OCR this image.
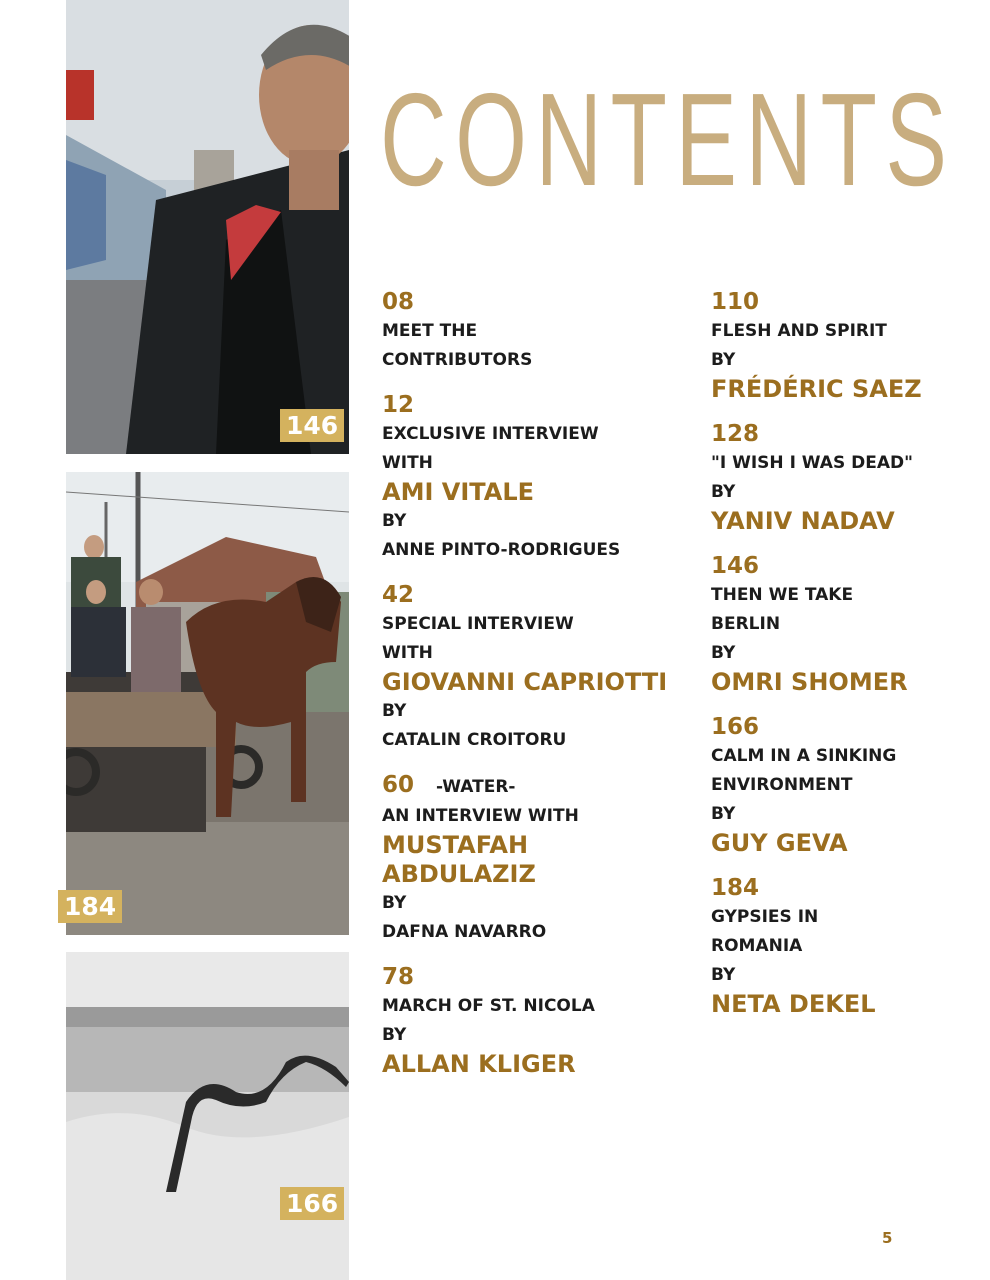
146
184
166
CONTENTS
08
MEET THE
CONTRIBUTORS
12
EXCLUSIVE INTERVIEW
WITH
AMI VITALE
BY
ANNE PINTO-RODRIGUES
42
SPECIAL INTERVIEW
WITH
GIOVANNI CAPRIOTTI
BY
CATALIN CROITORU
60 -WATER-
AN INTERVIEW WITH
MUSTAFAH
ABDULAZIZ
BY
DAFNA NAVARRO
78
MARCH OF ST. NICOLA
BY
ALLAN KLIGER
110
FLESH AND SPIRIT
BY
FRÉDÉRIC SAEZ
128
"I WISH I WAS DEAD"
BY
YANIV NADAV
146
THEN WE TAKE
BERLIN
BY
OMRI SHOMER
166
CALM IN A SINKING
ENVIRONMENT
BY
GUY GEVA
184
GYPSIES IN
ROMANIA
BY
NETA DEKEL
5
